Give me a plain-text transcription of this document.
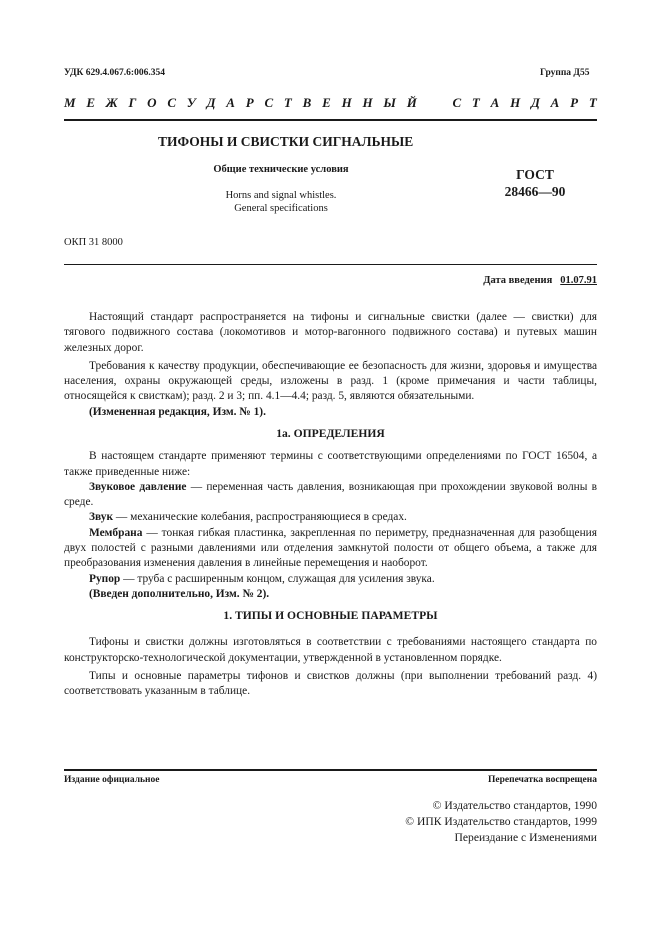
УДК 629.4.067.6:006.354	Группа Д55
М Е Ж Г О С У Д А Р С Т В Е Н Н Ы Й	С Т А Н Д А Р Т
ТИФОНЫ И СВИСТКИ СИГНАЛЬНЫЕ
Общие технические условия
Horns and signal whistles.
General specifications
ГОСТ
28466—90
ОКП 31 8000
Дата введения 01.07.91

Настоящий стандарт распространяется на тифоны и сигнальные свистки (далее — свистки) для тягового подвижного состава (локомотивов и мотор-вагонного подвижного состава) и путевых машин железных дорог.

Требования к качеству продукции, обеспечивающие ее безопасность для жизни, здоровья и имущества населения, охраны окружающей среды, изложены в разд. 1 (кроме примечания и части таблицы, относящейся к свисткам); разд. 2 и 3; пп. 4.1—4.4; разд. 5, являются обязательными.

(Измененная редакция, Изм. № 1).

1а. ОПРЕДЕЛЕНИЯ

В настоящем стандарте применяют термины с соответствующими определениями по ГОСТ 16504, а также приведенные ниже:

Звуковое давление — переменная часть давления, возникающая при прохождении звуковой волны в среде.

Звук — механические колебания, распространяющиеся в средах.

Мембрана — тонкая гибкая пластинка, закрепленная по периметру, предназначенная для разобщения двух полостей с разными давлениями или отделения замкнутой полости от общего объема, а также для преобразования изменения давления в линейные перемещения и наоборот.

Рупор — труба с расширенным концом, служащая для усиления звука.

(Введен дополнительно, Изм. № 2).

1. ТИПЫ И ОСНОВНЫЕ ПАРАМЕТРЫ

Тифоны и свистки должны изготовляться в соответствии с требованиями настоящего стандарта по конструкторско-технологической документации, утвержденной в установленном порядке.

Типы и основные параметры тифонов и свистков должны (при выполнении требований разд. 4) соответствовать указанным в таблице.

Издание официальное	Перепечатка воспрещена
© Издательство стандартов, 1990
© ИПК Издательство стандартов, 1999
Переиздание с Изменениями
